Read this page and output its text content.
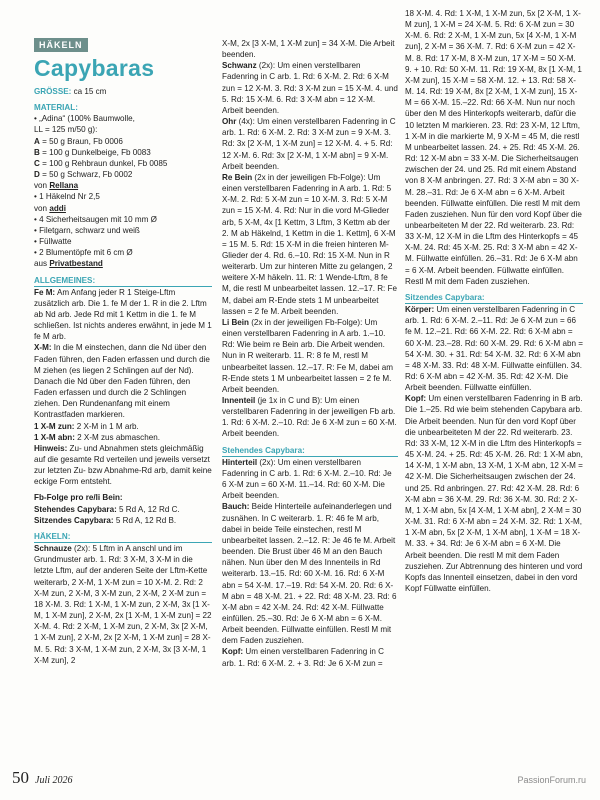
HÄKELN
Capybaras

GRÖSSE: ca 15 cm

MATERIAL:

• „Adina“ (100% Baumwolle,

LL = 125 m/50 g):

A = 50 g Braun, Fb 0006

B = 100 g Dunkelbeige, Fb 0083

C = 100 g Rehbraun dunkel, Fb 0085

D = 50 g Schwarz, Fb 0002

von Rellana

• 1 Häkelnd Nr 2,5

von addi

• 4 Sicherheitsaugen mit 10 mm Ø

• Filetgarn, schwarz und weiß

• Füllwatte

• 2 Blumentöpfe mit 6 cm Ø

aus Privatbestand

ALLGEMEINES:

Fe M: Am Anfang jeder R 1 Steige-Lftm zusätzlich arb. Die 1. fe M der 1. R in die 2. Lftm ab Nd arb. Jede Rd mit 1 Kettm in die 1. fe M schließen. Ist nichts anderes erwähnt, in jede M 1 fe M arb.

X-M: In die M einstechen, dann die Nd über den Faden führen, den Faden erfassen und durch die M ziehen (es liegen 2 Schlingen auf der Nd). Danach die Nd über den Faden führen, den Faden erfassen und durch die 2 Schlingen ziehen. Den Rundenanfang mit einem Kontrastfaden markieren.

1 X-M zun: 2 X-M in 1 M arb.

1 X-M abn: 2 X-M zus abmaschen.

Hinweis: Zu- und Abnahmen stets gleichmäßig auf die gesamte Rd verteilen und jeweils versetzt zur letzten Zu- bzw Abnahme-Rd arb, damit keine eckige Form entsteht.

Fb-Folge pro re/li Bein:

Stehendes Capybara: 5 Rd A, 12 Rd C.

Sitzendes Capybara: 5 Rd A, 12 Rd B.

HÄKELN:

Schnauze (2x): 5 Lftm in A anschl und im Grundmuster arb. 1. Rd: 3 X-M, 3 X-M in die letzte Lftm, auf der anderen Seite der Lftm-Kette weiterarb, 2 X-M, 1 X-M zun = 10 X-M. 2. Rd: 2 X-M zun, 2 X-M, 3 X-M zun, 2 X-M, 2 X-M zun = 18 X-M. 3. Rd: 1 X-M, 1 X-M zun, 2 X-M, 3x [1 X-M, 1 X-M zun], 2 X-M, 2x [1 X-M, 1 X-M zun] = 22 X-M. 4. Rd: 2 X-M, 1 X-M zun, 2 X-M, 3x [2 X-M, 1 X-M zun], 2 X-M, 2x [2 X-M, 1 X-M zun] = 28 X-M. 5. Rd: 3 X-M, 1 X-M zun, 2 X-M, 3x [3 X-M, 1 X-M zun], 2

X-M, 2x [3 X-M, 1 X-M zun] = 34 X-M. Die Arbeit beenden.

Schwanz (2x): Um einen verstellbaren Fadenring in C arb. 1. Rd: 6 X-M. 2. Rd: 6 X-M zun = 12 X-M. 3. Rd: 3 X-M zun = 15 X-M. 4. und 5. Rd: 15 X-M. 6. Rd: 3 X-M abn = 12 X-M. Arbeit beenden.

Ohr (4x): Um einen verstellbaren Fadenring in C arb. 1. Rd: 6 X-M. 2. Rd: 3 X-M zun = 9 X-M. 3. Rd: 3x [2 X-M, 1 X-M zun] = 12 X-M. 4. + 5. Rd: 12 X-M. 6. Rd: 3x [2 X-M, 1 X-M abn] = 9 X-M. Arbeit beenden.

Re Bein (2x in der jeweiligen Fb-Folge): Um einen verstellbaren Fadenring in A arb. 1. Rd: 5 X-M. 2. Rd: 5 X-M zun = 10 X-M. 3. Rd: 5 X-M zun = 15 X-M. 4. Rd: Nur in die vord M-Glieder arb, 5 X-M, 4x [1 Kettm, 3 Lftm, 3 Kettm ab der 2. M ab Häkelnd, 1 Kettm in die 1. Kettm], 6 X-M = 15 M. 5. Rd: 15 X-M in die freien hinteren M-Glieder der 4. Rd. 6.–10. Rd: 15 X-M. Nun in R weiterarb. Um zur hinteren Mitte zu gelangen, 2 weitere X-M häkeln. 11. R: 1 Wende-Lftm, 8 fe M, die restl M unbearbeitet lassen. 12.–17. R: Fe M, dabei am R-Ende stets 1 M unbearbeitet lassen = 2 fe M. Arbeit beenden.

Li Bein (2x in der jeweiligen Fb-Folge): Um einen verstellbaren Fadenring in A arb. 1.–10. Rd: Wie beim re Bein arb. Die Arbeit wenden. Nun in R weiterarb. 11. R: 8 fe M, restl M unbearbeitet lassen. 12.–17. R: Fe M, dabei am R-Ende stets 1 M unbearbeitet lassen = 2 fe M. Arbeit beenden.

Innenteil (je 1x in C und B): Um einen verstellbaren Fadenring in der jeweiligen Fb arb. 1. Rd: 6 X-M. 2.–10. Rd: Je 6 X-M zun = 60 X-M. Arbeit beenden.

Stehendes Capybara:

Hinterteil (2x): Um einen verstellbaren Fadenring in C arb. 1. Rd: 6 X-M. 2.–10. Rd: Je 6 X-M zun = 60 X-M. 11.–14. Rd: 60 X-M. Die Arbeit beenden.

Bauch: Beide Hinterteile aufeinanderlegen und zusnähen. In C weiterarb. 1. R: 46 fe M arb, dabei in beide Teile einstechen, restl M unbearbeitet lassen. 2.–12. R: Je 46 fe M. Arbeit beenden. Die Brust über 46 M an den Bauch nähen. Nun über den M des Innenteils in Rd weiterarb. 13.–15. Rd: 60 X-M. 16. Rd: 6 X-M abn = 54 X-M. 17.–19. Rd: 54 X-M. 20. Rd: 6 X-M abn = 48 X-M. 21. + 22. Rd: 48 X-M. 23. Rd: 6 X-M abn = 42 X-M. 24. Rd: 42 X-M. Füllwatte einfüllen. 25.–30. Rd: Je 6 X-M abn = 6 X-M. Arbeit beenden. Füllwatte einfüllen. Restl M mit dem Faden zusziehen.

Kopf: Um einen verstellbaren Fadenring in C arb. 1. Rd: 6 X-M. 2. + 3. Rd: Je 6 X-M zun =

18 X-M. 4. Rd: 1 X-M, 1 X-M zun, 5x [2 X-M, 1 X-M zun], 1 X-M = 24 X-M. 5. Rd: 6 X-M zun = 30 X-M. 6. Rd: 2 X-M, 1 X-M zun, 5x [4 X-M, 1 X-M zun], 2 X-M = 36 X-M. 7. Rd: 6 X-M zun = 42 X-M. 8. Rd: 17 X-M, 8 X-M zun, 17 X-M = 50 X-M. 9. + 10. Rd: 50 X-M. 11. Rd: 19 X-M, 8x [1 X-M, 1 X-M zun], 15 X-M = 58 X-M. 12. + 13. Rd: 58 X-M. 14. Rd: 19 X-M, 8x [2 X-M, 1 X-M zun], 15 X-M = 66 X-M. 15.–22. Rd: 66 X-M. Nun nur noch über den M des Hinterkopfs weiterarb, dafür die 10 letzten M markieren. 23. Rd: 23 X-M, 12 Lftm, 1 X-M in die markierte M, 9 X-M = 45 M, die restl M unbearbeitet lassen. 24. + 25. Rd: 45 X-M. 26. Rd: 12 X-M abn = 33 X-M. Die Sicherheitsaugen zwischen der 24. und 25. Rd mit einem Abstand von 8 X-M anbringen. 27. Rd: 3 X-M abn = 30 X-M. 28.–31. Rd: Je 6 X-M abn = 6 X-M. Arbeit beenden. Füllwatte einfüllen. Die restl M mit dem Faden zusziehen. Nun für den vord Kopf über die unbearbeiteten M der 22. Rd weiterarb. 23. Rd: 33 X-M, 12 X-M in die Lftm des Hinterkopfs = 45 X-M. 24. Rd: 45 X-M. 25. Rd: 3 X-M abn = 42 X-M. Füllwatte einfüllen. 26.–31. Rd: Je 6 X-M abn = 6 X-M. Arbeit beenden. Füllwatte einfüllen. Restl M mit dem Faden zusziehen.

Sitzendes Capybara:

Körper: Um einen verstellbaren Fadenring in C arb. 1. Rd: 6 X-M. 2.–11. Rd: Je 6 X-M zun = 66 fe M. 12.–21. Rd: 66 X-M. 22. Rd: 6 X-M abn = 60 X-M. 23.–28. Rd: 60 X-M. 29. Rd: 6 X-M abn = 54 X-M. 30. + 31. Rd: 54 X-M. 32. Rd: 6 X-M abn = 48 X-M. 33. Rd: 48 X-M. Füllwatte einfüllen. 34. Rd: 6 X-M abn = 42 X-M. 35. Rd: 42 X-M. Die Arbeit beenden. Füllwatte einfüllen.

Kopf: Um einen verstellbaren Fadenring in B arb. Die 1.–25. Rd wie beim stehenden Capybara arb. Die Arbeit beenden. Nun für den vord Kopf über die unbearbeiteten M der 22. Rd weiterarb. 23. Rd: 33 X-M, 12 X-M in die Lftm des Hinterkopfs = 45 X-M. 24. + 25. Rd: 45 X-M. 26. Rd: 1 X-M abn, 14 X-M, 1 X-M abn, 13 X-M, 1 X-M abn, 12 X-M = 42 X-M. Die Sicherheitsaugen zwischen der 24. und 25. Rd anbringen. 27. Rd: 42 X-M. 28. Rd: 6 X-M abn = 36 X-M. 29. Rd: 36 X-M. 30. Rd: 2 X-M, 1 X-M abn, 5x [4 X-M, 1 X-M abn], 2 X-M = 30 X-M. 31. Rd: 6 X-M abn = 24 X-M. 32. Rd: 1 X-M, 1 X-M abn, 5x [2 X-M, 1 X-M abn], 1 X-M = 18 X-M. 33. + 34. Rd: Je 6 X-M abn = 6 X-M. Die Arbeit beenden. Die restl M mit dem Faden zusziehen. Zur Abtrennung des hinteren und vord Kopfs das Innenteil einsetzen, dabei in den vord Kopf Füllwatte einfüllen.

50 Juli 2026	PassionForum.ru
